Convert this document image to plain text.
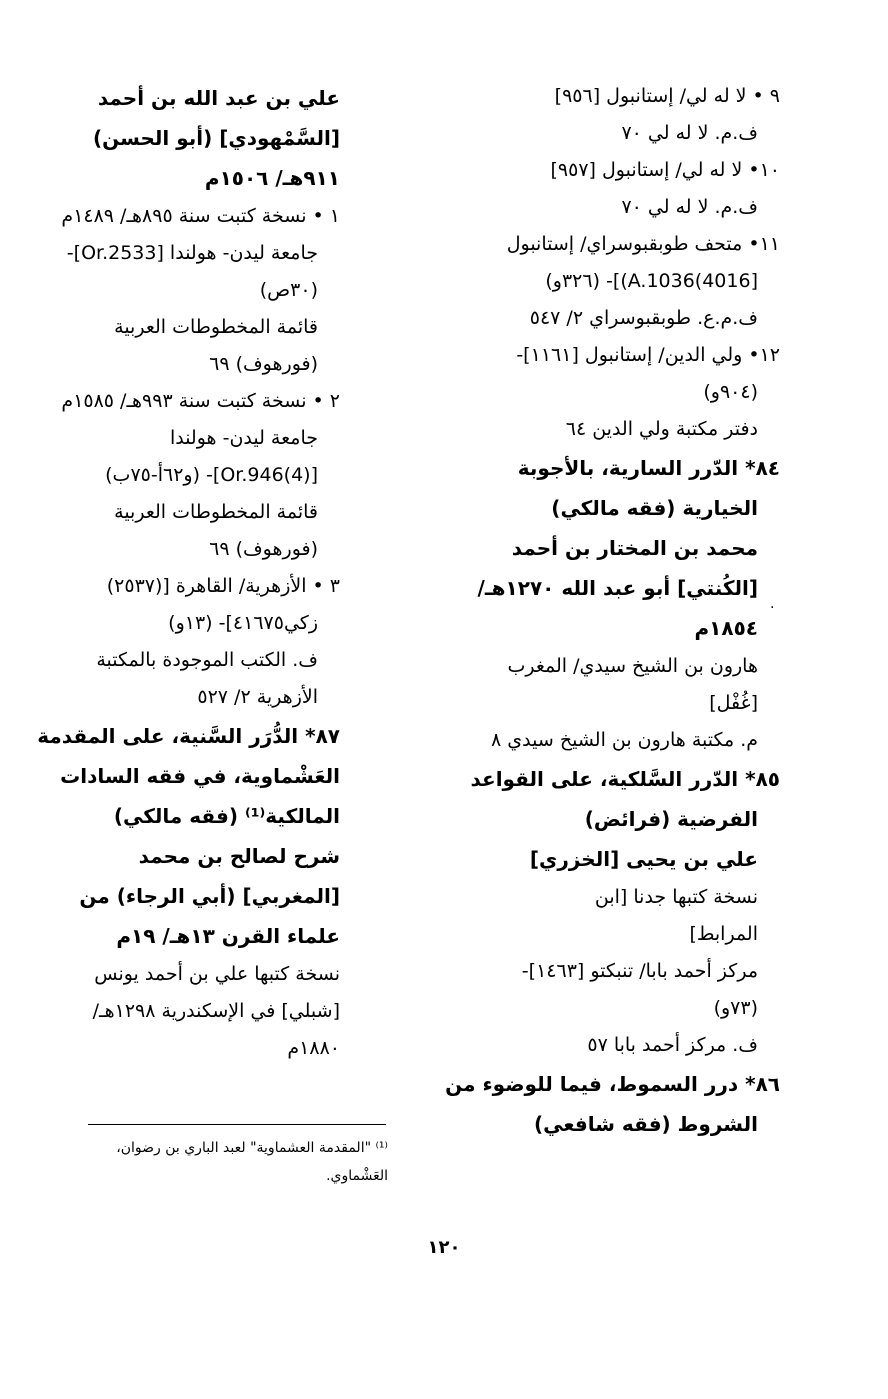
٩ • لا له لي/ إستانبول [٩٥٦]
ف.م. لا له لي ٧٠
١٠• لا له لي/ إستانبول [٩٥٧]
ف.م. لا له لي ٧٠
١١• متحف طوبقبوسراي/ إستانبول
[4016)A.1036)]- (٣٢٦و)
ف.م.ع. طوبقبوسراي ٢/ ٥٤٧
١٢• ولي الدين/ إستانبول [١١٦١]-
(٩٠٤و)
دفتر مكتبة ولي الدين ٦٤
٨٤* الدّرر السارية، بالأجوبة
الخيارية (فقه مالكي)
محمد بن المختار بن أحمد
[الكُنتي] أبو عبد الله ١٢٧٠هـ/
١٨٥٤م
هارون بن الشيخ سيدي/ المغرب
[غُفْل]
م. مكتبة هارون بن الشيخ سيدي ٨
٨٥* الدّرر السَّلكية، على القواعد
الفرضية (فرائض)
علي بن يحيى [الخزري]
نسخة كتبها جدنا [ابن
المرابط]
مركز أحمد بابا/ تنبكتو [١٤٦٣]-
(٧٣و)
ف. مركز أحمد بابا ٥٧
٨٦* درر السموط، فيما للوضوء من
الشروط (فقه شافعي)
علي بن عبد الله بن أحمد
[السَّمْهودي] (أبو الحسن)
٩١١هـ/ ١٥٠٦م
١ • نسخة كتبت سنة ٨٩٥هـ/ ١٤٨٩م
جامعة ليدن- هولندا [Or.2533]-
(٣٠ص)
قائمة المخطوطات العربية
(فورهوف) ٦٩
٢ • نسخة كتبت سنة ٩٩٣هـ/ ١٥٨٥م
جامعة ليدن- هولندا
[Or.946(4)]- (و٦٢أ-٧٥ب)
قائمة المخطوطات العربية
(فورهوف) ٦٩
٣ • الأزهرية/ القاهرة [(٢٥٣٧)
زكي٤١٦٧٥]- (١٣و)
ف. الكتب الموجودة بالمكتبة
الأزهرية ٢/ ٥٢٧
٨٧* الدُّرَر السَّنية، على المقدمة
العَشْماوية، في فقه السادات
المالكية⁽¹⁾ (فقه مالكي)
شرح لصالح بن محمد
[المغربي] (أبي الرجاء) من
علماء القرن ١٣هـ/ ١٩م
نسخة كتبها علي بن أحمد يونس
[شبلي] في الإسكندرية ١٢٩٨هـ/
١٨٨٠م
.
⁽¹⁾ "المقدمة العشماوية" لعبد الباري بن رضوان،
العَشْماوي.
١٢٠
